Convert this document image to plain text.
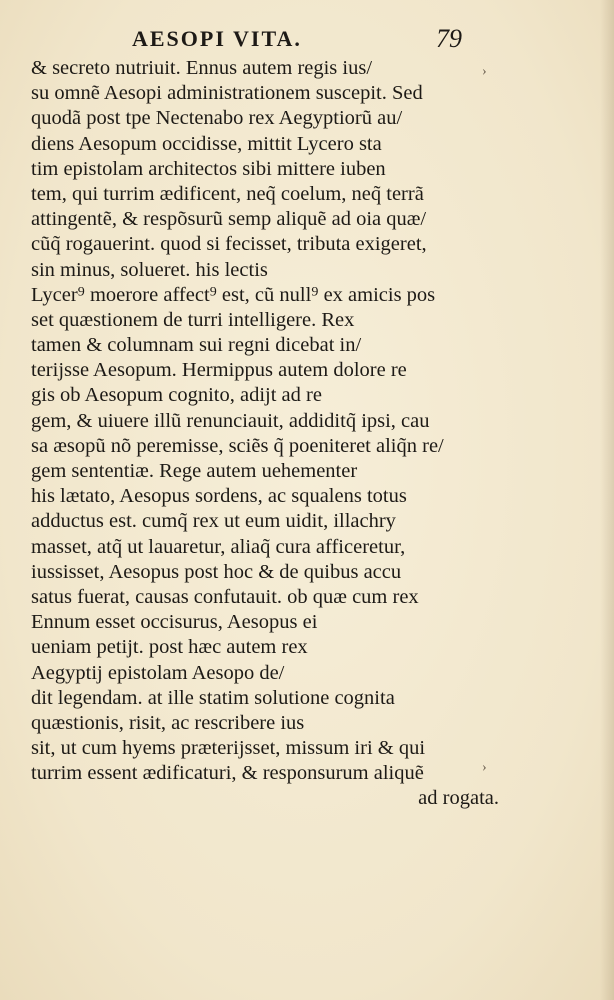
AESOPI VITA.	79
& secreto nutriuit. Ennus autem regis ius/
su omnẽ Aesopi administrationem suscepit. Sed
quodã post tpe Nectenabo rex Aegyptiorũ au/
diens Aesopum occidisse, mittit Lycero sta
tim epistolam architectos sibi mittere iuben
tem, qui turrim ædificent, neq̃ coelum, neq̃ terrã
attingentẽ, & respõsurũ semp aliquẽ ad oia quæ/
cũq̃ rogauerint. quod si fecisset, tributa exigeret,
sin minus, solueret. his lectis
Lycer⁹ moerore affect⁹ est, cũ null⁹ ex amicis pos
set quæstionem de turri intelligere. Rex
tamen & columnam sui regni dicebat in/
terijsse Aesopum. Hermippus autem dolore re
gis ob Aesopum cognito, adijt ad re
gem, & uiuere illũ renunciauit, addiditq̃ ipsi, cau
sa æsopũ nõ peremisse, sciẽs q̃ poeniteret aliq̃n re/
gem sententiæ. Rege autem uehementer
his lætato, Aesopus sordens, ac squalens totus
adductus est. cumq̃ rex ut eum uidit, illachry
masset, atq̃ ut lauaretur, aliaq̃ cura afficeretur,
iussisset, Aesopus post hoc & de quibus accu
satus fuerat, causas confutauit. ob quæ cum rex
Ennum esset occisurus, Aesopus ei
ueniam petijt. post hæc autem rex
Aegyptij epistolam Aesopo de/
dit legendam. at ille statim solutione cognita
quæstionis, risit, ac rescribere ius
sit, ut cum hyems præterijsset, missum iri & qui
turrim essent ædificaturi, & responsurum aliquẽ
ad rogata.
›
›
